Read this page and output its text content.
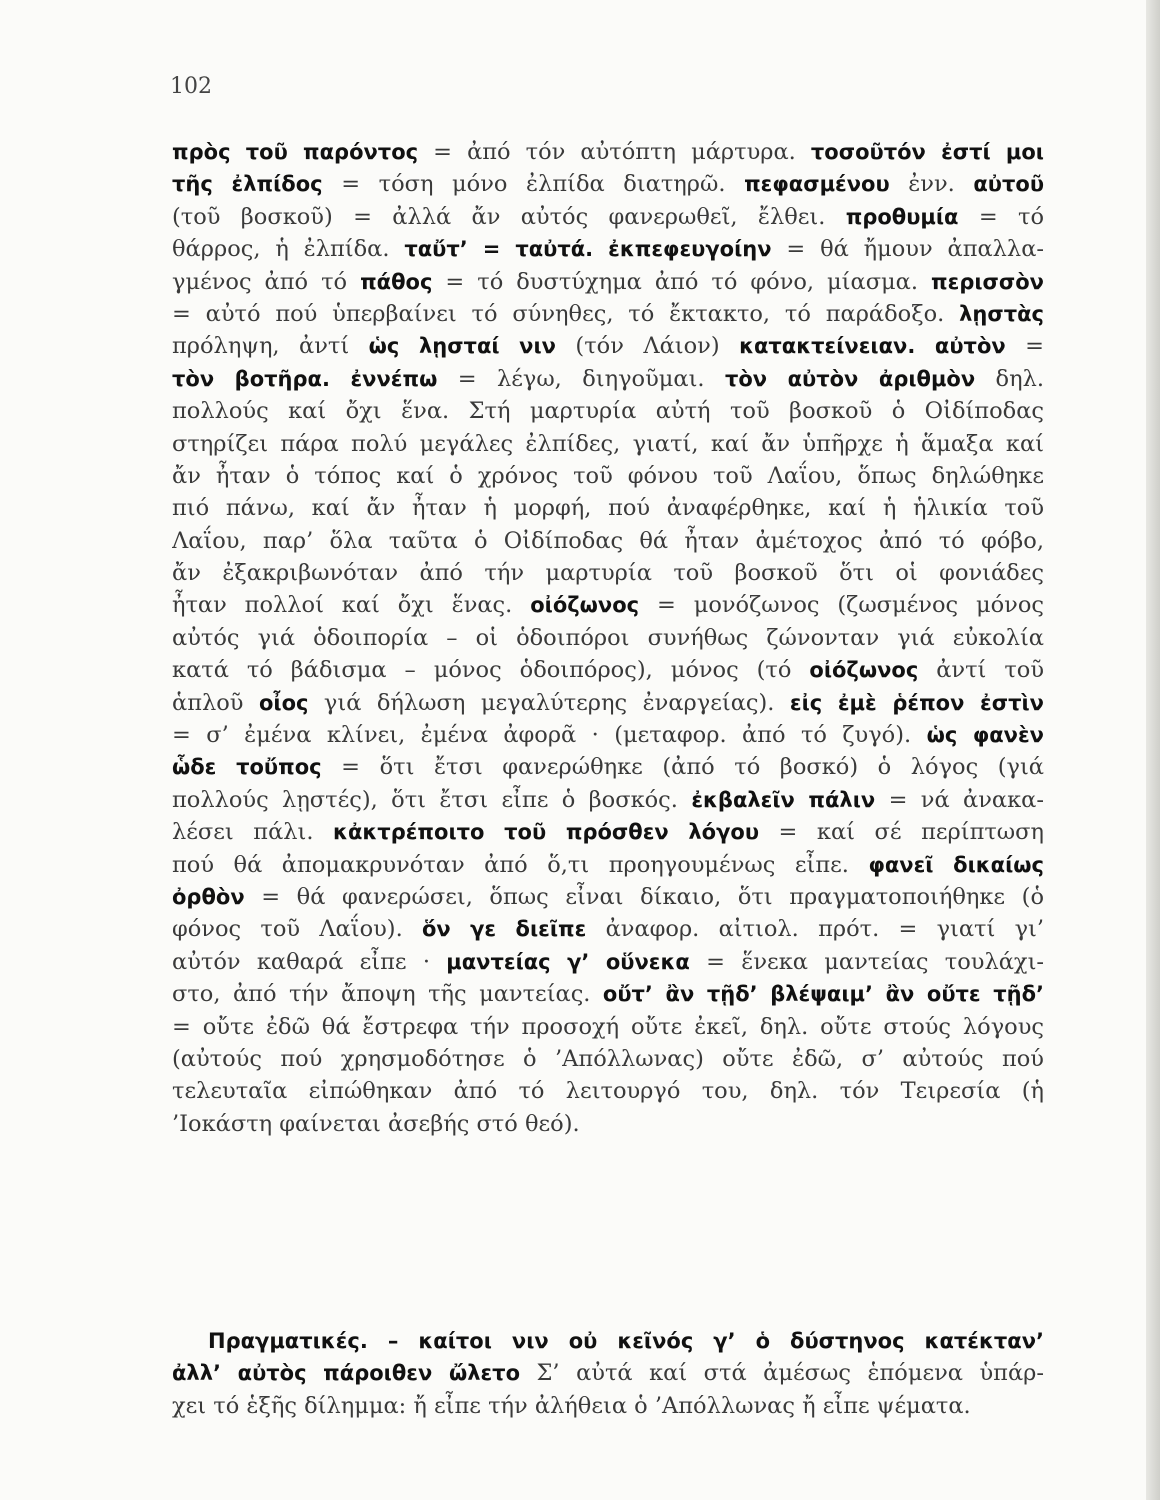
102
πρὸς τοῦ παρόντος = ἀπό τόν αὐτόπτη μάρτυρα. τοσοῦτόν ἐστί μοι
τῆς ἐλπίδος = τόση μόνο ἐλπίδα διατηρῶ. πεφασμένου ἐνν. αὐτοῦ
(τοῦ βοσκοῦ) = ἀλλά ἄν αὐτός φανερωθεῖ, ἔλθει. προθυμία = τό
θάρρος, ἡ ἐλπίδα. ταὔτ’ = ταὐτά. ἐκπεφευγοίην = θά ἤμουν ἀπαλλα-
γμένος ἀπό τό πάθος = τό δυστύχημα ἀπό τό φόνο, μίασμα. περισσὸν
= αὐτό πού ὑπερβαίνει τό σύνηθες, τό ἔκτακτο, τό παράδοξο. λῃστὰς
πρόληψη, ἀντί ὡς λῃσταί νιν (τόν Λάιον) κατακτείνειαν. αὐτὸν =
τὸν βοτῆρα. ἐννέπω = λέγω, διηγοῦμαι. τὸν αὐτὸν ἀριθμὸν δηλ.
πολλούς καί ὄχι ἕνα. Στή μαρτυρία αὐτή τοῦ βοσκοῦ ὁ Οἰδίποδας
στηρίζει πάρα πολύ μεγάλες ἐλπίδες, γιατί, καί ἄν ὑπῆρχε ἡ ἅμαξα καί
ἄν ἦταν ὁ τόπος καί ὁ χρόνος τοῦ φόνου τοῦ Λαΐου, ὅπως δηλώθηκε
πιό πάνω, καί ἄν ἦταν ἡ μορφή, πού ἀναφέρθηκε, καί ἡ ἡλικία τοῦ
Λαΐου, παρ’ ὅλα ταῦτα ὁ Οἰδίποδας θά ἦταν ἀμέτοχος ἀπό τό φόβο,
ἄν ἐξακριβωνόταν ἀπό τήν μαρτυρία τοῦ βοσκοῦ ὅτι οἱ φονιάδες
ἦταν πολλοί καί ὄχι ἕνας. οἰόζωνος = μονόζωνος (ζωσμένος μόνος
αὐτός γιά ὁδοιπορία – οἱ ὁδοιπόροι συνήθως ζώνονταν γιά εὐκολία
κατά τό βάδισμα – μόνος ὁδοιπόρος), μόνος (τό οἰόζωνος ἀντί τοῦ
ἁπλοῦ οἶος γιά δήλωση μεγαλύτερης ἐναργείας). εἰς ἐμὲ ῥέπον ἐστὶν
= σ’ ἐμένα κλίνει, ἐμένα ἀφορᾶ · (μεταφορ. ἀπό τό ζυγό). ὡς φανὲν
ὧδε τοὔπος = ὅτι ἔτσι φανερώθηκε (ἀπό τό βοσκό) ὁ λόγος (γιά
πολλούς λῃστές), ὅτι ἔτσι εἶπε ὁ βοσκός. ἐκβαλεῖν πάλιν = νά ἀνακα-
λέσει πάλι. κἀκτρέποιτο τοῦ πρόσθεν λόγου = καί σέ περίπτωση
πού θά ἀπομακρυνόταν ἀπό ὅ,τι προηγουμένως εἶπε. φανεῖ δικαίως
ὀρθὸν = θά φανερώσει, ὅπως εἶναι δίκαιο, ὅτι πραγματοποιήθηκε (ὁ
φόνος τοῦ Λαΐου). ὅν γε διεῖπε ἀναφορ. αἰτιολ. πρότ. = γιατί γι’
αὐτόν καθαρά εἶπε · μαντείας γ’ οὕνεκα = ἕνεκα μαντείας τουλάχι-
στο, ἀπό τήν ἄποψη τῆς μαντείας. οὔτ’ ἂν τῇδ’ βλέψαιμ’ ἂν οὔτε τῇδ’
= οὔτε ἐδῶ θά ἔστρεφα τήν προσοχή οὔτε ἐκεῖ, δηλ. οὔτε στούς λόγους
(αὐτούς πού χρησμοδότησε ὁ ’Απόλλωνας) οὔτε ἐδῶ, σ’ αὐτούς πού
τελευταῖα εἰπώθηκαν ἀπό τό λειτουργό του, δηλ. τόν Τειρεσία (ἡ
’Ιοκάστη φαίνεται ἀσεβής στό θεό).
Πραγματικές. – καίτοι νιν οὐ κεῖνός γ’ ὁ δύστηνος κατέκταν’
ἀλλ’ αὐτὸς πάροιθεν ὤλετο Σ’ αὐτά καί στά ἀμέσως ἑπόμενα ὑπάρ-
χει τό ἑξῆς δίλημμα: ἤ εἶπε τήν ἀλήθεια ὁ ’Απόλλωνας ἤ εἶπε ψέματα.
